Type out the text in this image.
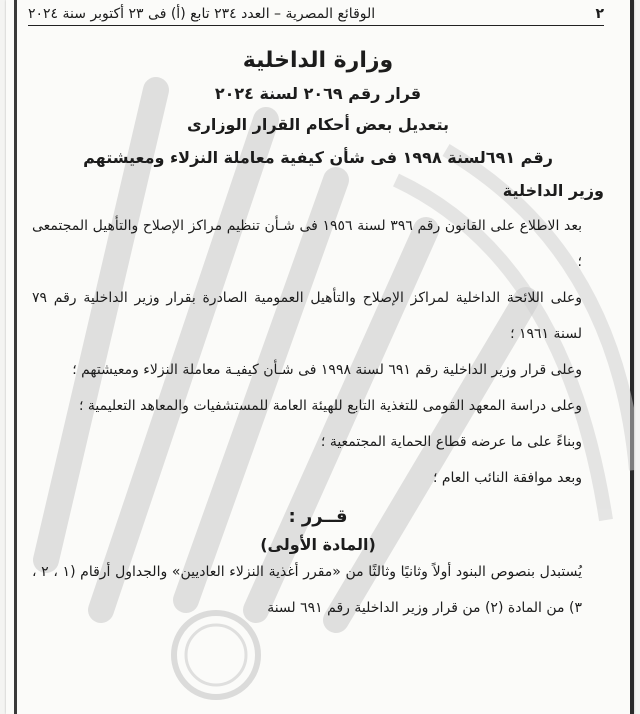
٢
الوقائع المصرية – العدد ٢٣٤ تابع (أ) فى ٢٣ أكتوبر سنة ٢٠٢٤
وزارة الداخلية
قرار رقم ٢٠٦٩ لسنة ٢٠٢٤
بتعديل بعض أحكام القرار الوزارى
رقم ٦٩١لسنة ١٩٩٨ فى شأن كيفية معاملة النزلاء ومعيشتهم
وزير الداخلية
بعد الاطلاع على القانون رقم ٣٩٦ لسنة ١٩٥٦ فى شـأن تنظيم مراكز الإصلاح والتأهيل المجتمعى ؛
وعلى اللائحة الداخلية لمراكز الإصلاح والتأهيل العمومية الصادرة بقرار وزير الداخلية رقم ٧٩ لسنة ١٩٦١ ؛
وعلى قرار وزير الداخلية رقم ٦٩١ لسنة ١٩٩٨ فى شـأن كيفيـة معاملة النزلاء ومعيشتهم ؛
وعلى دراسة المعهد القومى للتغذية التابع للهيئة العامة للمستشفيات والمعاهد التعليمية ؛
وبناءً على ما عرضه قطاع الحماية المجتمعية ؛
وبعد موافقة النائب العام ؛
قــرر :
(المادة الأولى)
يُستبدل بنصوص البنود أولاً وثانيًا وثالثًا من «مقرر أغذية النزلاء العاديين» والجداول أرقام (١ ، ٢ ، ٣) من المادة (٢) من قرار وزير الداخلية رقم ٦٩١ لسنة
